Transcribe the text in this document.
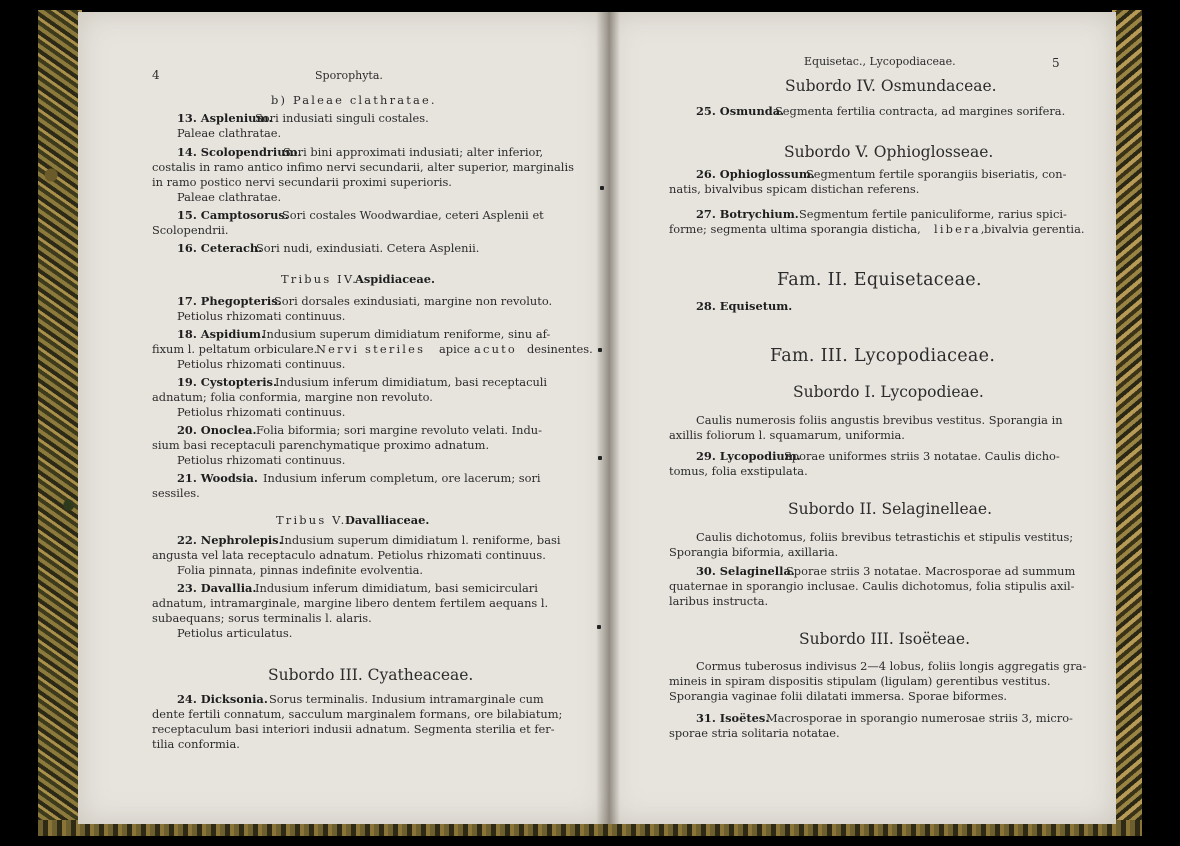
4	Sporophyta.
b) Paleae clathratae.
13. Asplenium.
Sori indusiati singuli costales.
Paleae clathratae.
14. Scolopendrium.
Sori bini approximati indusiati; alter inferior,
costalis in ramo antico infimo nervi secundarii, alter superior, marginalis
in ramo postico nervi secundarii proximi superioris.
Paleae clathratae.
15. Camptosorus.
Sori costales Woodwardiae, ceteri Asplenii et
Scolopendrii.
16. Ceterach.
Sori nudi, exindusiati. Cetera Asplenii.
Tribus IV.
Aspidiaceae.
17. Phegopteris.
Sori dorsales exindusiati, margine non revoluto.
Petiolus rhizomati continuus.
18. Aspidium.
Indusium superum dimidiatum reniforme, sinu af-
fixum l. peltatum orbiculare.
Nervi steriles apice acuto desinentes.
Petiolus rhizomati continuus.
19. Cystopteris.
Indusium inferum dimidiatum, basi receptaculi
adnatum; folia conformia, margine non revoluto.
Petiolus rhizomati continuus.
20. Onoclea. Folia biformia; sori margine revoluto velati. Indu-
sium basi receptaculi parenchymatique proximo adnatum.
Petiolus rhizomati continuus.
21. Woodsia. Indusium inferum completum, ore lacerum; sori
sessiles.
Tribus V.
Davalliaceae.
22. Nephrolepis.
Indusium superum dimidiatum l. reniforme, basi
angusta vel lata receptaculo adnatum. Petiolus rhizomati continuus.
Folia pinnata, pinnas indefinite evolventia.
23. Davallia.
Indusium inferum dimidiatum, basi semicirculari
adnatum, intramarginale, margine libero dentem fertilem aequans l.
subaequans; sorus terminalis l. alaris.
Petiolus articulatus.
Subordo III. Cyatheaceae.
24. Dicksonia. Sorus terminalis. Indusium intramarginale cum
dente fertili connatum, sacculum marginalem formans, ore bilabiatum;
receptaculum basi interiori indusii adnatum. Segmenta sterilia et fer-
tilia conformia.
Equisetac., Lycopodiaceae.	5
Subordo IV. Osmundaceae.
25. Osmunda.
Segmenta fertilia contracta, ad margines sorifera.
Subordo V. Ophioglosseae.
26. Ophioglossum.
Segmentum fertile sporangiis biseriatis, con-
natis, bivalvibus spicam distichan referens.
27. Botrychium. Segmentum fertile paniculiforme, rarius spici-
forme; segmenta ultima sporangia disticha, libera,
bivalvia gerentia.
Fam. II. Equisetaceae.
28. Equisetum.
Fam. III. Lycopodiaceae.
Subordo I. Lycopodieae.
Caulis numerosis foliis angustis brevibus vestitus. Sporangia in
axillis foliorum l. squamarum, uniformia.
29. Lycopodium.
Sporae uniformes striis 3 notatae. Caulis dicho-
tomus, folia exstipulata.
Subordo II. Selaginelleae.
Caulis dichotomus, foliis brevibus tetrastichis et stipulis vestitus;
Sporangia biformia, axillaria.
30. Selaginella.
Sporae striis 3 notatae. Macrosporae ad summum
quaternae in sporangio inclusae. Caulis dichotomus, folia stipulis axil-
laribus instructa.
Subordo III. Isoëteae.
Cormus tuberosus indivisus 2—4 lobus, foliis longis aggregatis gra-
mineis in spiram dispositis stipulam (ligulam) gerentibus vestitus.
Sporangia vaginae folii dilatati immersa. Sporae biformes.
31. Isoëtes.
Macrosporae in sporangio numerosae striis 3, micro-
sporae stria solitaria notatae.
